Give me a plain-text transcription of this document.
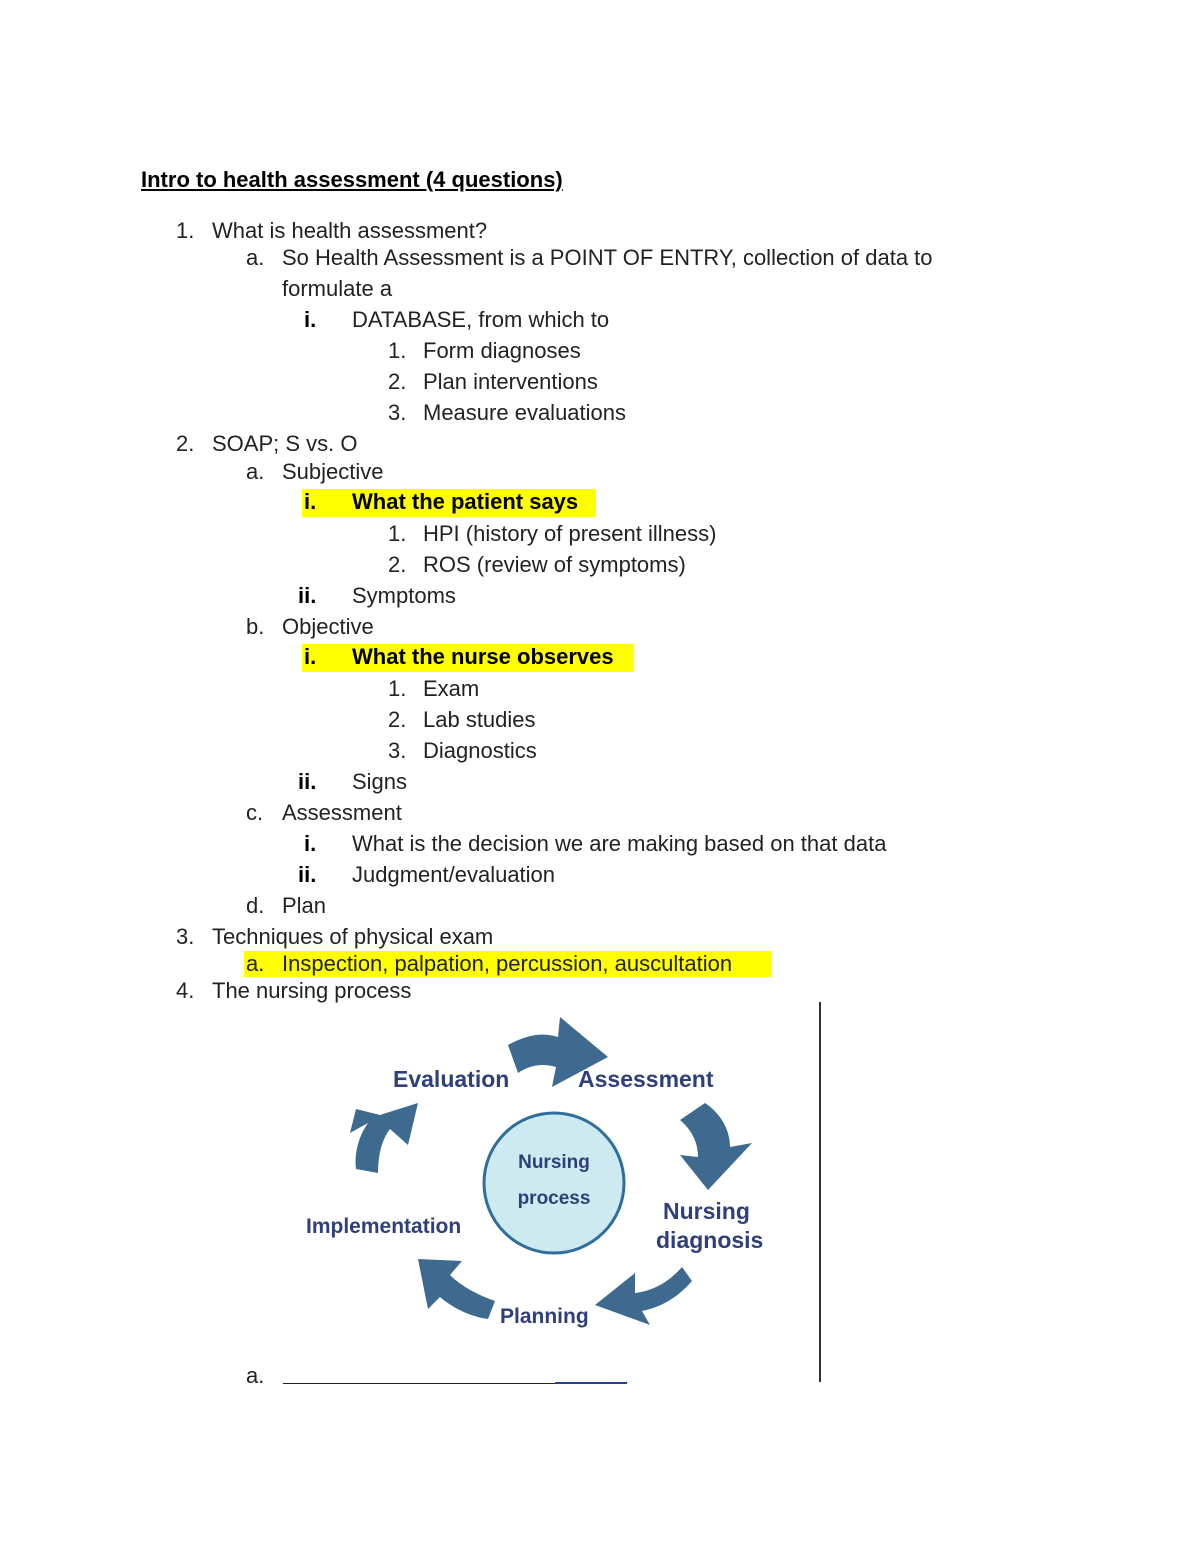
Intro to health assessment (4 questions)
1. What is health assessment?
a. So Health Assessment is a POINT OF ENTRY, collection of data to
formulate a
i. DATABASE, from which to
1. Form diagnoses
2. Plan interventions
3. Measure evaluations
2. SOAP; S vs. O
a. Subjective
i. What the patient says
1. HPI (history of present illness)
2. ROS (review of symptoms)
ii. Symptoms
b. Objective
i. What the nurse observes
1. Exam
2. Lab studies
3. Diagnostics
ii. Signs
c. Assessment
i. What is the decision we are making based on that data
ii. Judgment/evaluation
d. Plan
3. Techniques of physical exam
a. Inspection, palpation, percussion, auscultation
4. The nursing process
Nursing
process
Evaluation	Assessment
Nursing
diagnosis
Planning
Implementation
a.
